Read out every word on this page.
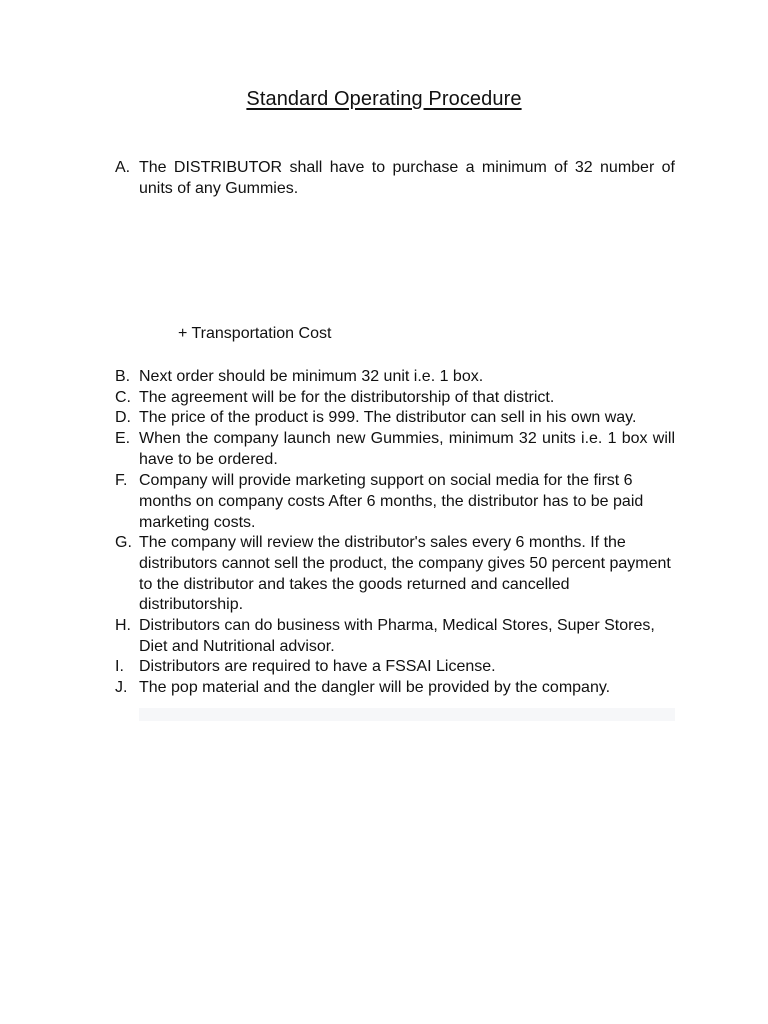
Standard Operating Procedure
A. The DISTRIBUTOR shall have to purchase a minimum of 32 number of units of any Gummies.
+ Transportation Cost
B. Next order should be minimum 32 unit i.e. 1 box.
C. The agreement will be for the distributorship of that district.
D. The price of the product is 999. The distributor can sell in his own way.
E. When the company launch new Gummies, minimum 32 units i.e. 1 box will have to be ordered.
F. Company will provide marketing support on social media for the first 6 months on company costs After 6 months, the distributor has to be paid marketing costs.
G. The company will review the distributor's sales every 6 months. If the distributors cannot sell the product, the company gives 50 percent payment to the distributor and takes the goods returned and cancelled distributorship.
H. Distributors can do business with Pharma, Medical Stores, Super Stores, Diet and Nutritional advisor.
I. Distributors are required to have a FSSAI License.
J. The pop material and the dangler will be provided by the company.
